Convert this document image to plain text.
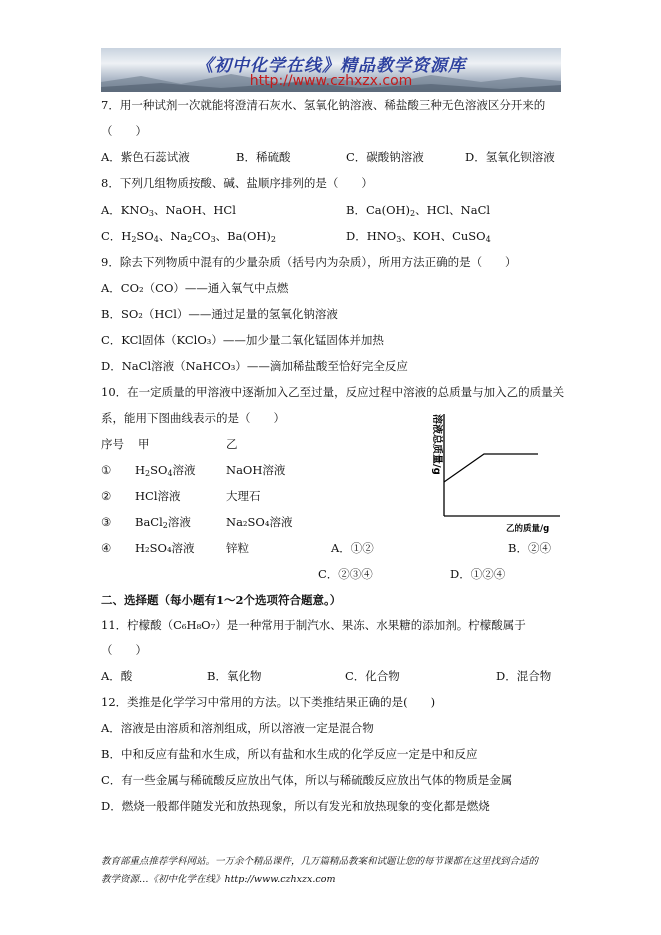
《初中化学在线》精品教学资源库
http://www.czhxzx.com
7．用一种试剂一次就能将澄清石灰水、氢氧化钠溶液、稀盐酸三种无色溶液区分开来的
（　　）
A．紫色石蕊试液	B．稀硫酸	C．碳酸钠溶液	D．氢氧化钡溶液
8．下列几组物质按酸、碱、盐顺序排列的是（　　）
A．$KNO_3$、NaOH、HCl	B．$Ca(OH)_2$、HCl、NaCl
C．$H_2SO_4$、$Na_2CO_3$、$Ba(OH)_2$	D．$HNO_3$、KOH、CuSO$_4$
9．除去下列物质中混有的少量杂质（括号内为杂质），所用方法正确的是（　　）
A．CO₂（CO）——通入氧气中点燃
B．SO₂（HCl）——通过足量的氢氧化钠溶液
C．KCl固体（KClO₃）——加少量二氧化锰固体并加热
D．NaCl溶液（NaHCO₃）——滴加稀盐酸至恰好完全反应
10．在一定质量的甲溶液中逐渐加入乙至过量，反应过程中溶液的总质量与加入乙的质量关
系，能用下图曲线表示的是（　　）
序号 甲	乙
① $H_2SO_4$溶液	NaOH溶液
② HCl溶液	大理石
③ BaCl$_2$溶液	Na₂SO₄溶液
④ H₂SO₄溶液	锌粒	A．①②	B．②④
C．②③④	D．①②④
溶液总质量/g
乙的质量/g
二、选择题（每小题有1～2个选项符合题意。）
11．柠檬酸（C₆H₈O₇）是一种常用于制汽水、果冻、水果糖的添加剂。柠檬酸属于
（　　）
A．酸	B．氧化物	C．化合物	D．混合物
12．类推是化学学习中常用的方法。以下类推结果正确的是(　　)
A．溶液是由溶质和溶剂组成，所以溶液一定是混合物
B．中和反应有盐和水生成，所以有盐和水生成的化学反应一定是中和反应
C．有一些金属与稀硫酸反应放出气体，所以与稀硫酸反应放出气体的物质是金属
D．燃烧一般都伴随发光和放热现象，所以有发光和放热现象的变化都是燃烧
教育部重点推荐学科网站。一万余个精品课件，几万篇精品教案和试题让您的每节课都在这里找到合适的
教学资源…《初中化学在线》http://www.czhxzx.com
